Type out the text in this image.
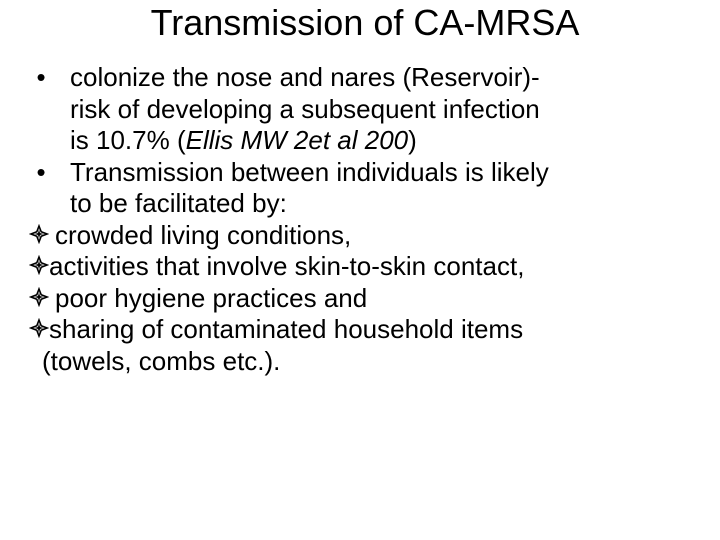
Transmission of CA-MRSA
• colonize the nose and nares (Reservoir)-
risk of developing a subsequent infection
is 10.7% (Ellis MW 2et al 200)
• Transmission between individuals is likely
to be facilitated by:
crowded living conditions,
activities that involve skin-to-skin contact,
poor hygiene practices and
sharing of contaminated household items
(towels, combs etc.).
